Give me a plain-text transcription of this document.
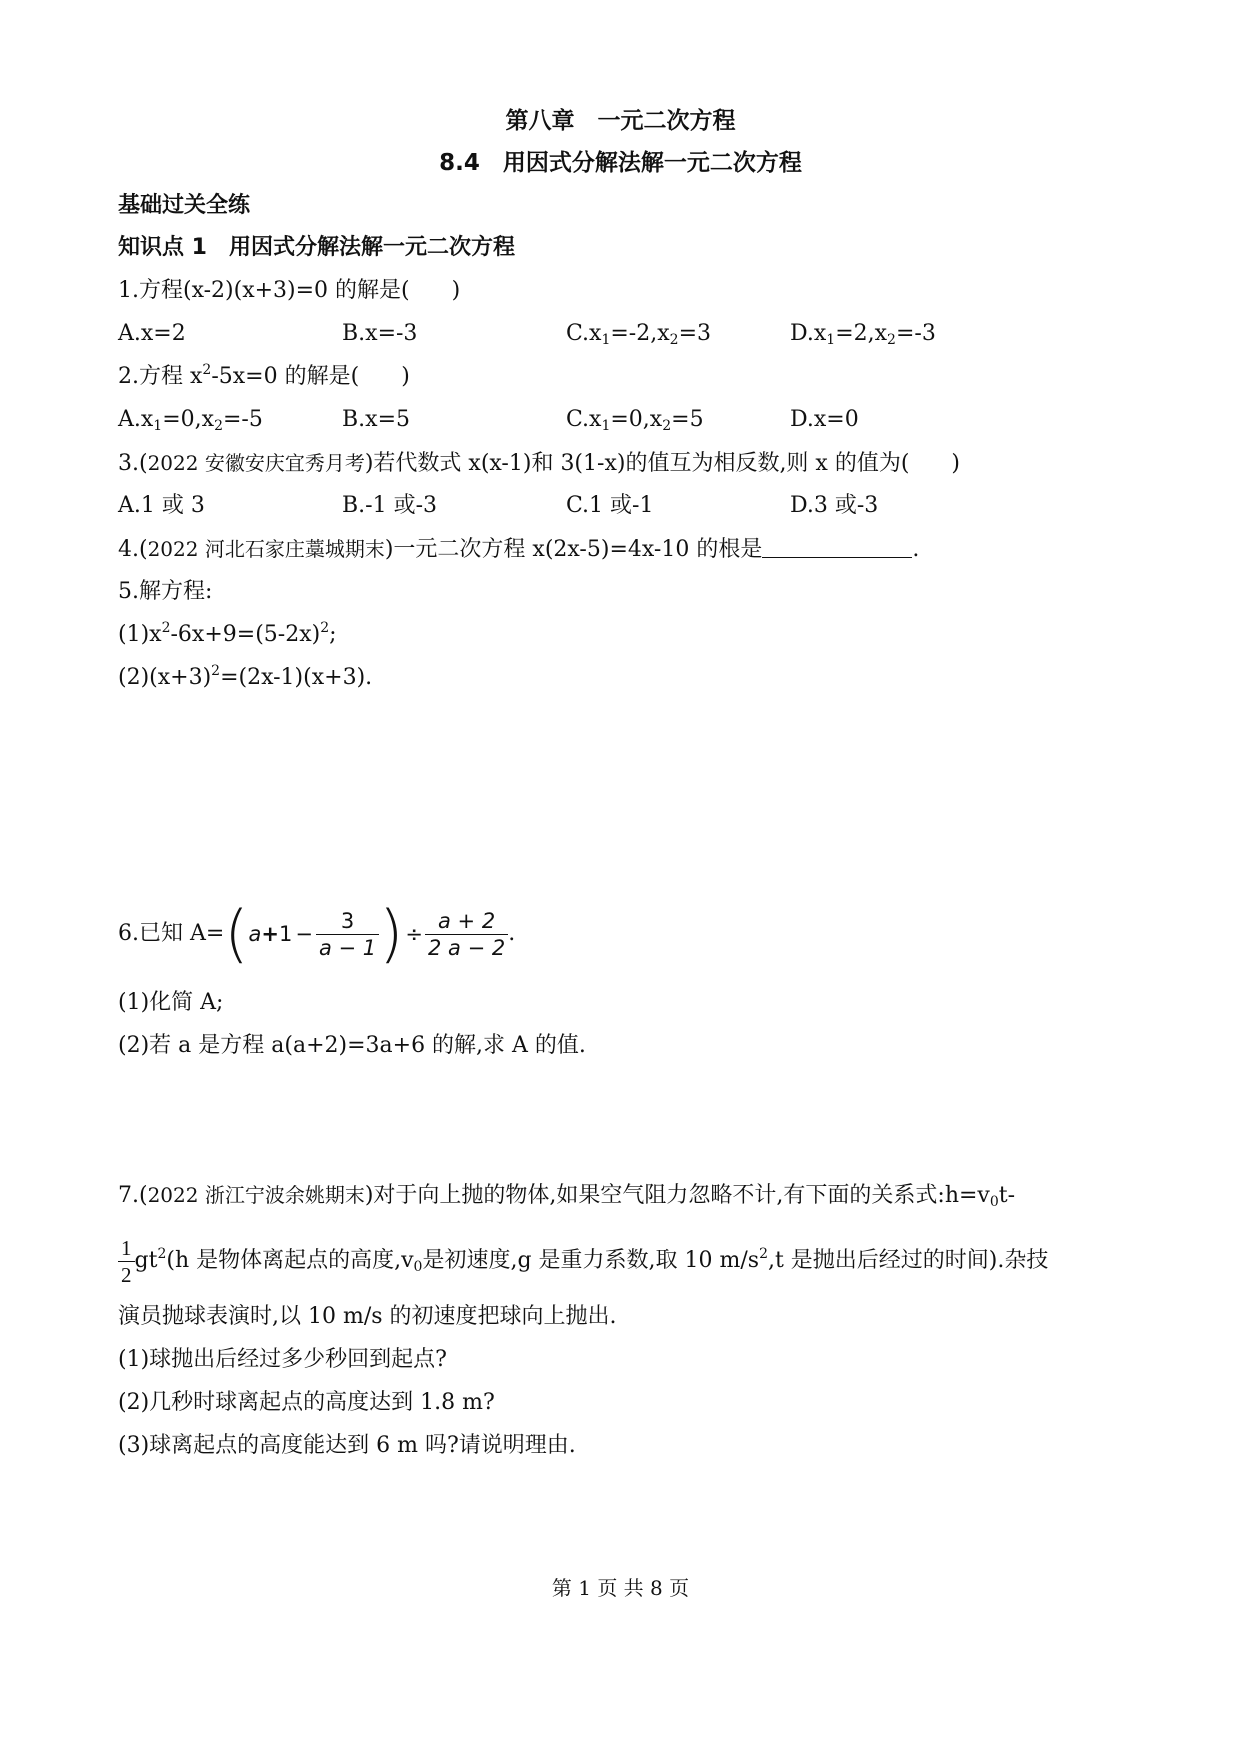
第八章　一元二次方程
8.4　用因式分解法解一元二次方程
基础过关全练
知识点 1　用因式分解法解一元二次方程
1.方程(x-2)(x+3)=0 的解是( )
A.x=2	B.x=-3	$C.x_1=-2,x_2=3$	$D.x_1=2,x_2=-3$
2.方程 $x^2-5x=0$ 的解是( )
$A.x_1=0,x_2=-5$	B.x=5	$C.x_1=0,x_2=5$	D.x=0
3.(2022 安徽安庆宜秀月考)若代数式 x(x-1)和 3(1-x)的值互为相反数,则 x 的值为( )
A.1 或 3	B.-1 或-3	C.1 或-1	D.3 或-3
4.(2022 河北石家庄藁城期末)一元二次方程 x(2x-5)=4x-10 的根是	.
5.解方程:
$(1)x^2-6x+9=(5-2x)^2$;
$(2)(x+3)^2=(2x-1)(x+3)$.
6.已知 $A=(a+1 - \frac{3}{a - 1}$ )÷ $\frac{a + 2}{2 a - 2}$ .
(1)化简 A;
(2)若 a 是方程 a(a+2)=3a+6 的解,求 A 的值.
7.(2022 浙江宁波余姚期末)对于向上抛的物体,如果空气阻力忽略不计,有下面的关系式$:h=v_0t-$
$\frac{1}{2} gt^2(h$ 是物体离起点的高度$,v_0$是初速度,g 是重力系数,取 10 $m/s^2,t$ 是抛出后经过的时间).杂技
演员抛球表演时,以 10 m/s 的初速度把球向上抛出.
(1)球抛出后经过多少秒回到起点?
(2)几秒时球离起点的高度达到 1.8 m?
(3)球离起点的高度能达到 6 m 吗?请说明理由.
第 1 页 共 8 页
